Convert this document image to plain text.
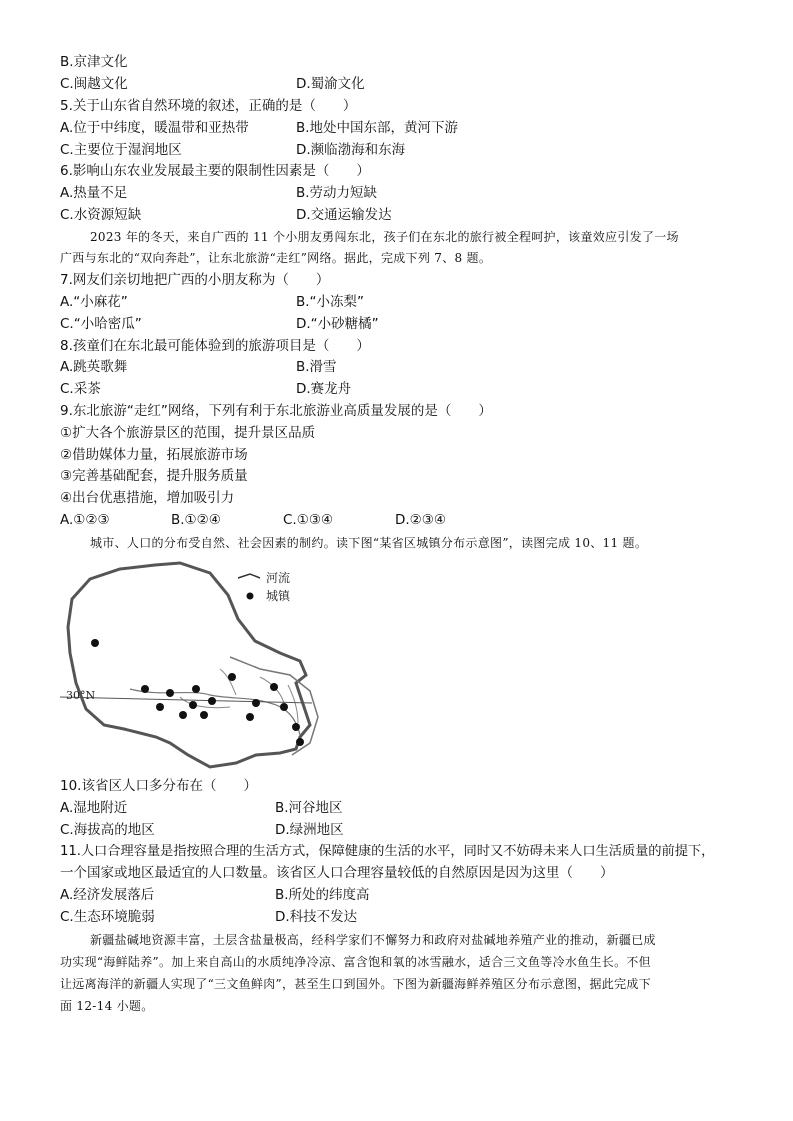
B.京津文化
C.闽越文化	D.蜀渝文化
5.关于山东省自然环境的叙述，正确的是（　　）
A.位于中纬度，暖温带和亚热带	B.地处中国东部，黄河下游
C.主要位于湿润地区	D.濒临渤海和东海
6.影响山东农业发展最主要的限制性因素是（　　）
A.热量不足	B.劳动力短缺
C.水资源短缺	D.交通运输发达
2023 年的冬天，来自广西的 11 个小朋友勇闯东北，孩子们在东北的旅行被全程呵护，该童效应引发了一场
广西与东北的“双向奔赴”，让东北旅游“走红”网络。据此，完成下列 7、8 题。
7.网友们亲切地把广西的小朋友称为（　　）
A.“小麻花”	B.“小冻梨”
C.“小哈密瓜”	D.“小砂糖橘”
8.孩童们在东北最可能体验到的旅游项目是（　　）
A.跳英歌舞	B.滑雪
C.采茶	D.赛龙舟
9.东北旅游“走红”网络，下列有利于东北旅游业高质量发展的是（　　）
①扩大各个旅游景区的范围，提升景区品质
②借助媒体力量，拓展旅游市场
③完善基础配套，提升服务质量
④出台优惠措施，增加吸引力
A.①②③	B.①②④	C.①③④	D.②③④
城市、人口的分布受自然、社会因素的制约。读下图“某省区城镇分布示意图”，读图完成 10、11 题。
30°N
河流
城镇
10.该省区人口多分布在（　　）
A.湿地附近	B.河谷地区
C.海拔高的地区	D.绿洲地区
11.人口合理容量是指按照合理的生活方式，保障健康的生活的水平，同时又不妨碍未来人口生活质量的前提下，
一个国家或地区最适宜的人口数量。该省区人口合理容量较低的自然原因是因为这里（　　）
A.经济发展落后	B.所处的纬度高
C.生态环境脆弱	D.科技不发达
新疆盐碱地资源丰富，土层含盐量极高，经科学家们不懈努力和政府对盐碱地养殖产业的推动，新疆已成
功实现“海鲜陆养”。加上来自高山的水质纯净冷凉、富含饱和氧的冰雪融水，适合三文鱼等冷水鱼生长。不但
让远离海洋的新疆人实现了“三文鱼鲜肉”，甚至生口到国外。下图为新疆海鲜养殖区分布示意图，据此完成下
面 12-14 小题。
